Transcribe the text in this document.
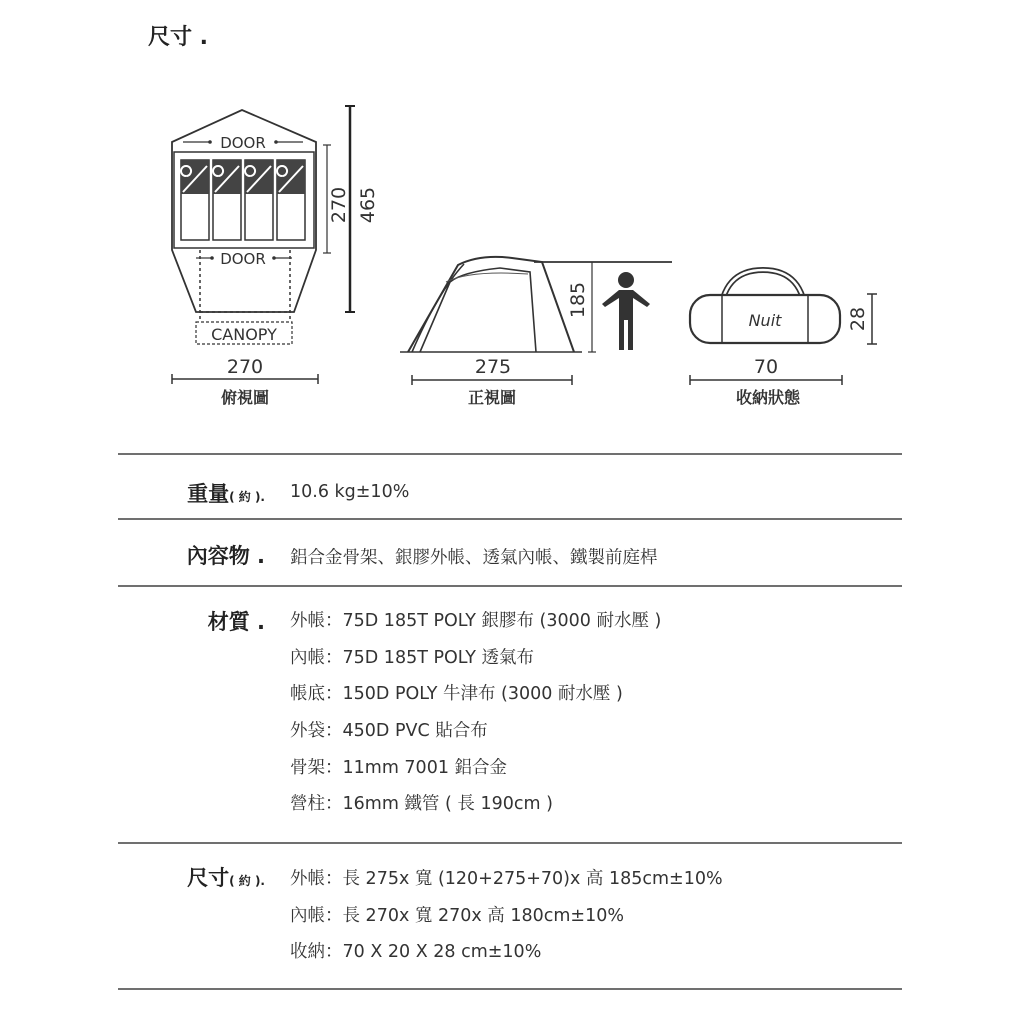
尺寸 .
DOOR
DOOR
CANOPY
270 465
270
俯視圖
185
275
正視圖
Nuit	28
70
收納狀態
重量( 約 ). 10.6 kg±10%
內容物 . 鋁合金骨架、銀膠外帳、透氣內帳、鐵製前庭桿
材質 . 外帳：75D 185T POLY 銀膠布 (3000 耐水壓 )
內帳：75D 185T POLY 透氣布
帳底：150D POLY 牛津布 (3000 耐水壓 )
外袋：450D PVC 貼合布
骨架：11mm 7001 鋁合金
營柱：16mm 鐵管 ( 長 190cm )
尺寸( 約 ). 外帳：長 275x 寬 (120+275+70)x 高 185cm±10%
內帳：長 270x 寬 270x 高 180cm±10%
收納：70 X 20 X 28 cm±10%
